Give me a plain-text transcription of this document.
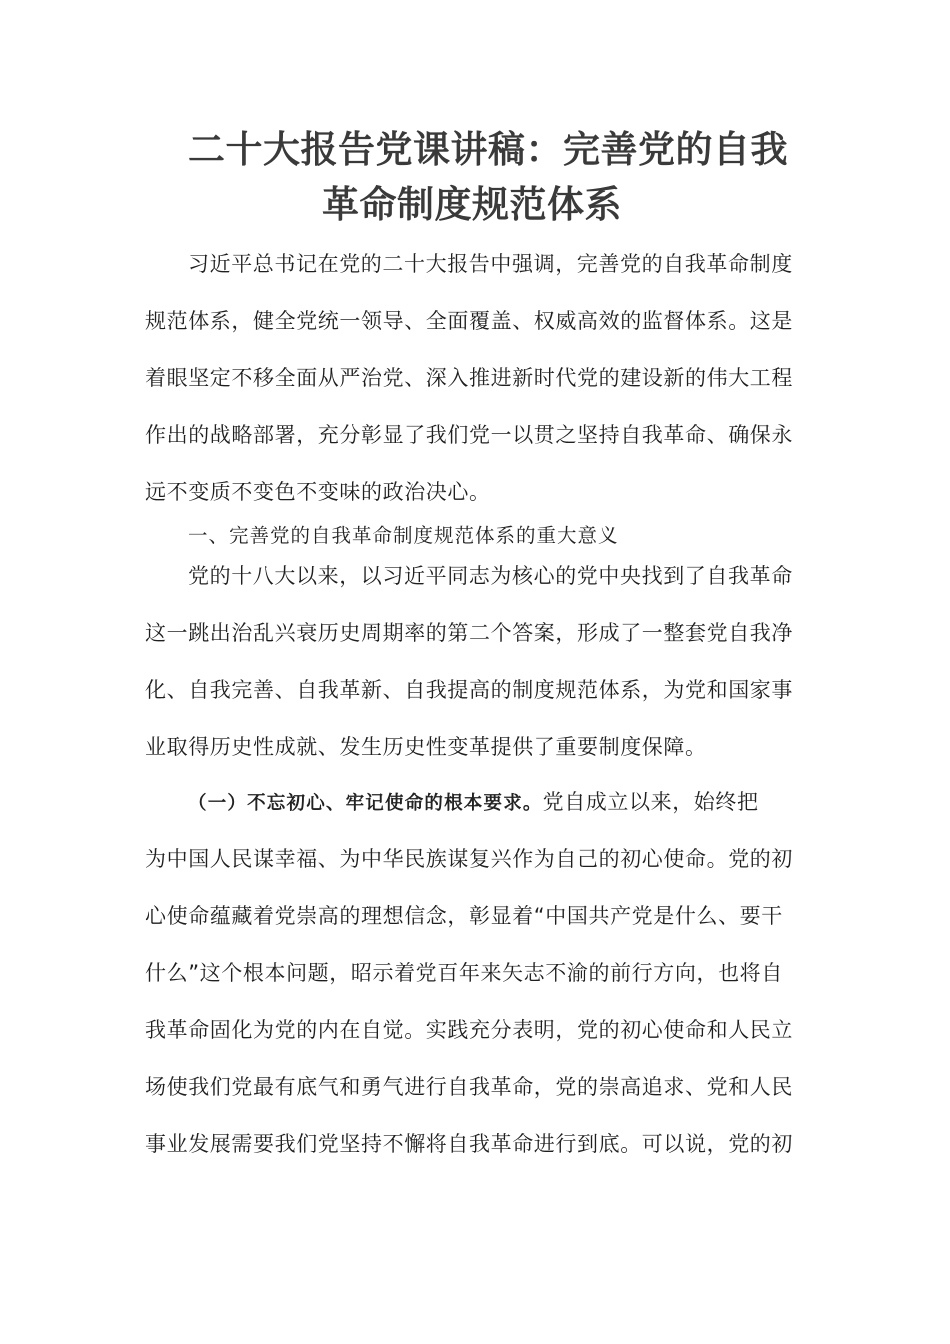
二十大报告党课讲稿：完善党的自我
革命制度规范体系

习近平总书记在党的二十大报告中强调，完善党的自我革命制度

规范体系，健全党统一领导、全面覆盖、权威高效的监督体系。这是

着眼坚定不移全面从严治党、深入推进新时代党的建设新的伟大工程

作出的战略部署，充分彰显了我们党一以贯之坚持自我革命、确保永

远不变质不变色不变味的政治决心。

一、完善党的自我革命制度规范体系的重大意义

党的十八大以来，以习近平同志为核心的党中央找到了自我革命

这一跳出治乱兴衰历史周期率的第二个答案，形成了一整套党自我净

化、自我完善、自我革新、自我提高的制度规范体系，为党和国家事

业取得历史性成就、发生历史性变革提供了重要制度保障。

（一）不忘初心、牢记使命的根本要求。党自成立以来，始终把

为中国人民谋幸福、为中华民族谋复兴作为自己的初心使命。党的初

心使命蕴藏着党崇高的理想信念，彰显着“中国共产党是什么、要干

什么”这个根本问题，昭示着党百年来矢志不渝的前行方向，也将自

我革命固化为党的内在自觉。实践充分表明，党的初心使命和人民立

场使我们党最有底气和勇气进行自我革命，党的崇高追求、党和人民

事业发展需要我们党坚持不懈将自我革命进行到底。可以说，党的初
